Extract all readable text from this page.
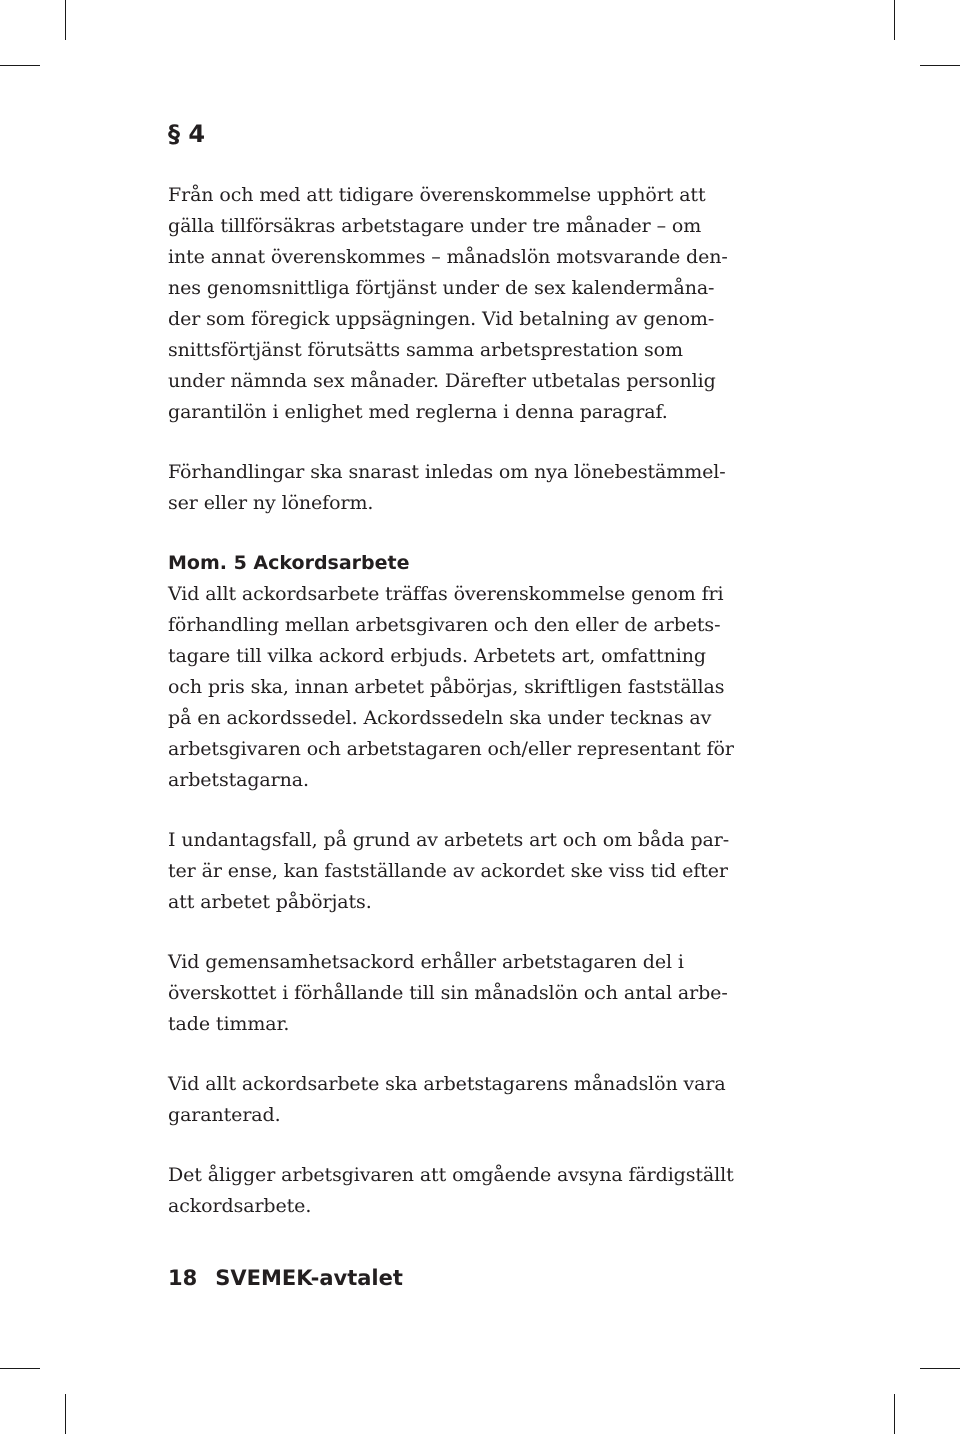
§ 4

Från och med att tidigare överenskommelse upphört att
gälla tillförsäkras arbetstagare under tre månader – om
inte annat överenskommes – månadslön motsvarande den-
nes genomsnittliga förtjänst under de sex kalendermåna-
der som föregick uppsägningen. Vid betalning av genom-
snittsförtjänst förutsätts samma arbetsprestation som
under nämnda sex månader. Därefter utbetalas personlig
garantilön i enlighet med reglerna i denna paragraf.

Förhandlingar ska snarast inledas om nya lönebestämmel-
ser eller ny löneform.

Mom. 5 Ackordsarbete

Vid allt ackordsarbete träffas överenskommelse genom fri
förhandling mellan arbetsgivaren och den eller de arbets-
tagare till vilka ackord erbjuds. Arbetets art, omfattning
och pris ska, innan arbetet påbörjas, skriftligen fastställas
på en ackordssedel. Ackordssedeln ska under tecknas av
arbetsgivaren och arbetstagaren och/eller representant för
arbetstagarna.

I undantagsfall, på grund av arbetets art och om båda par-
ter är ense, kan fastställande av ackordet ske viss tid efter
att arbetet påbörjats.

Vid gemensamhetsackord erhåller arbetstagaren del i
överskottet i förhållande till sin månadslön och antal arbe-
tade timmar.

Vid allt ackordsarbete ska arbetstagarens månadslön vara
garanterad.

Det åligger arbetsgivaren att omgående avsyna färdigställt
ackordsarbete.

18 SVEMEK-avtalet
